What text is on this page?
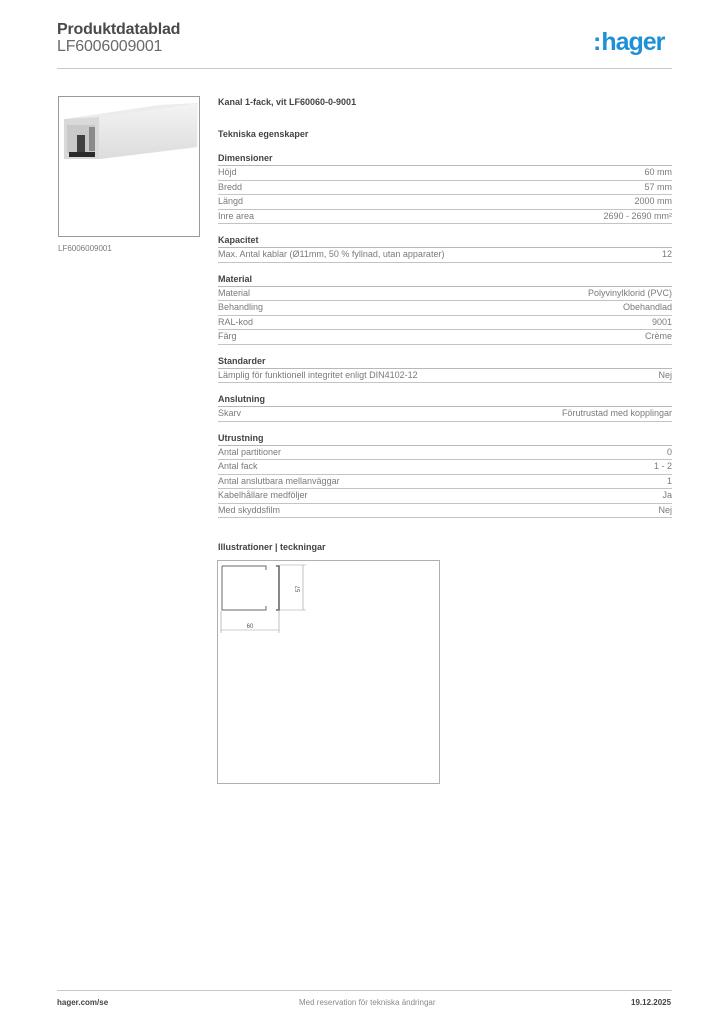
Produktdatablad
LF6006009001	:hager
LF6006009001
Kanal 1-fack, vit LF60060-0-9001
Tekniska egenskaper
Dimensioner
Höjd	60 mm
Bredd	57 mm
Längd	2000 mm
Inre area	2690 - 2690 mm²
Kapacitet
Max. Antal kablar (Ø11mm, 50 % fyllnad, utan apparater)	12
Material
Material	Polyvinylklorid (PVC)
Behandling	Obehandlad
RAL-kod	9001
Färg	Crème
Standarder
Lämplig för funktionell integritet enligt DIN4102-12	Nej
Anslutning
Skarv	Förutrustad med kopplingar
Utrustning
Antal partitioner	0
Antal fack	1 - 2
Antal anslutbara mellanväggar	1
Kabelhållare medföljer	Ja
Med skyddsfilm	Nej
Illustrationer | teckningar
60
57
hager.com/se	Med reservation för tekniska ändringar	19.12.2025
